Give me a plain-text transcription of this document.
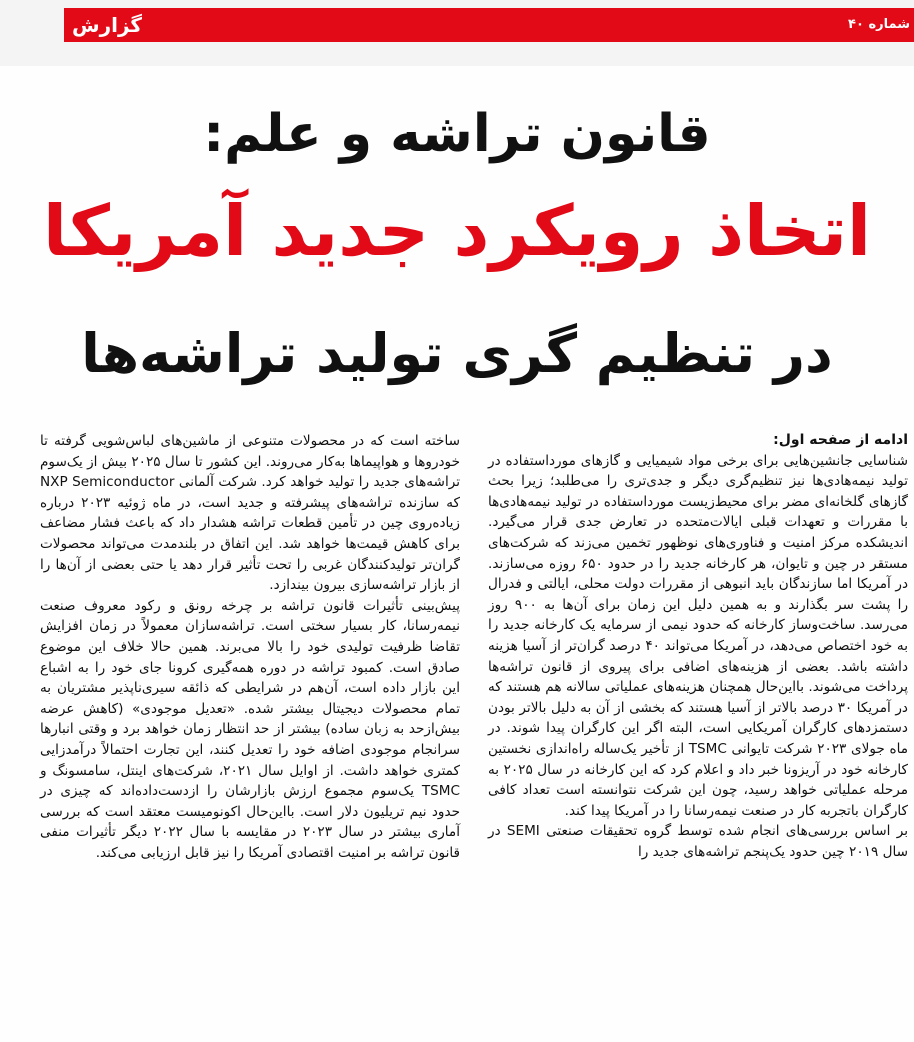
گزارش	شماره ۴۰
قانون تراشه و علم:
اتخاذ رویکرد جدید آمریکا
در تنظیم گری تولید تراشه‌ها
ادامه از صفحه اول:

شناسایی جانشین‌هایی برای برخی مواد شیمیایی و گازهای مورداستفاده در تولید نیمه‌هادی‌ها نیز تنظیم‌گری دیگر و جدی‌تری را می‌طلبد؛ زیرا بحث گازهای گلخانه‌ای مضر برای محیط‌زیست مورداستفاده در تولید نیمه‌هادی‌ها با مقررات و تعهدات قبلی ایالات‌متحده در تعارض جدی قرار می‌گیرد. اندیشکده مرکز امنیت و فناوری‌های نوظهور تخمین می‌زند که شرکت‌های مستقر در چین و تایوان، هر کارخانه جدید را در حدود ۶۵۰ روزه می‌سازند. در آمریکا اما سازندگان باید انبوهی از مقررات دولت محلی، ایالتی و فدرال را پشت سر بگذارند و به همین دلیل این زمان برای آن‌ها به ۹۰۰ روز می‌رسد. ساخت‌وساز کارخانه که حدود نیمی از سرمایه یک کارخانه جدید را به خود اختصاص می‌دهد، در آمریکا می‌تواند ۴۰ درصد گران‌تر از آسیا هزینه داشته باشد. بعضی از هزینه‌های اضافی برای پیروی از قانون تراشه‌ها پرداخت می‌شوند. بااین‌حال همچنان هزینه‌های عملیاتی سالانه هم هستند که در آمریکا ۳۰ درصد بالاتر از آسیا هستند که بخشی از آن به دلیل بالاتر بودن دستمزدهای کارگران آمریکایی است، البته اگر این کارگران پیدا شوند. در ماه جولای ۲۰۲۳ شرکت تایوانی TSMC از تأخیر یک‌ساله راه‌اندازی نخستین کارخانه خود در آریزونا خبر داد و اعلام کرد که این کارخانه در سال ۲۰۲۵ به مرحله عملیاتی خواهد رسید، چون این شرکت نتوانسته است تعداد کافی کارگران باتجربه کار در صنعت نیمه‌رسانا را در آمریکا پیدا کند.

بر اساس بررسی‌های انجام شده توسط گروه تحقیقات صنعتی SEMI در سال ۲۰۱۹ چین حدود یک‌پنجم تراشه‌های جدید را

ساخته است که در محصولات متنوعی از ماشین‌های لباس‌شویی گرفته تا خودروها و هواپیماها به‌کار می‌روند. این کشور تا سال ۲۰۲۵ بیش از یک‌سوم تراشه‌های جدید را تولید خواهد کرد. شرکت آلمانی NXP Semiconductor که سازنده تراشه‌های پیشرفته و جدید است، در ماه ژوئیه ۲۰۲۳ درباره زیاده‌روی چین در تأمین قطعات تراشه هشدار داد که باعث فشار مضاعف برای کاهش قیمت‌ها خواهد شد. این اتفاق در بلندمدت می‌تواند محصولات گران‌تر تولیدکنندگان غربی را تحت تأثیر قرار دهد یا حتی بعضی از آن‌ها را از بازار تراشه‌سازی بیرون بیندازد.

پیش‌بینی تأثیرات قانون تراشه بر چرخه رونق و رکود معروف صنعت نیمه‌رسانا، کار بسیار سختی است. تراشه‌سازان معمولاً در زمان افزایش تقاضا ظرفیت تولیدی خود را بالا می‌برند. همین حالا خلاف این موضوع صادق است. کمبود تراشه در دوره همه‌گیری کرونا جای خود را به اشباع این بازار داده است، آن‌هم در شرایطی که ذائقه سیری‌ناپذیر مشتریان به تمام محصولات دیجیتال بیشتر شده. «تعدیل موجودی» (کاهش عرضه بیش‌ازحد به زبان ساده) بیشتر از حد انتظار زمان خواهد برد و وقتی انبارها سرانجام موجودی اضافه خود را تعدیل کنند، این تجارت احتمالاً درآمدزایی کمتری خواهد داشت. از اوایل سال ۲۰۲۱، شرکت‌های اینتل، سامسونگ و TSMC یک‌سوم مجموع ارزش بازارشان را ازدست‌داده‌اند که چیزی در حدود نیم تریلیون دلار است. بااین‌حال اکونومیست معتقد است که بررسی آماری بیشتر در سال ۲۰۲۳ در مقایسه با سال ۲۰۲۲ دیگر تأثیرات منفی قانون تراشه بر امنیت اقتصادی آمریکا را نیز قابل ارزیابی می‌کند.
